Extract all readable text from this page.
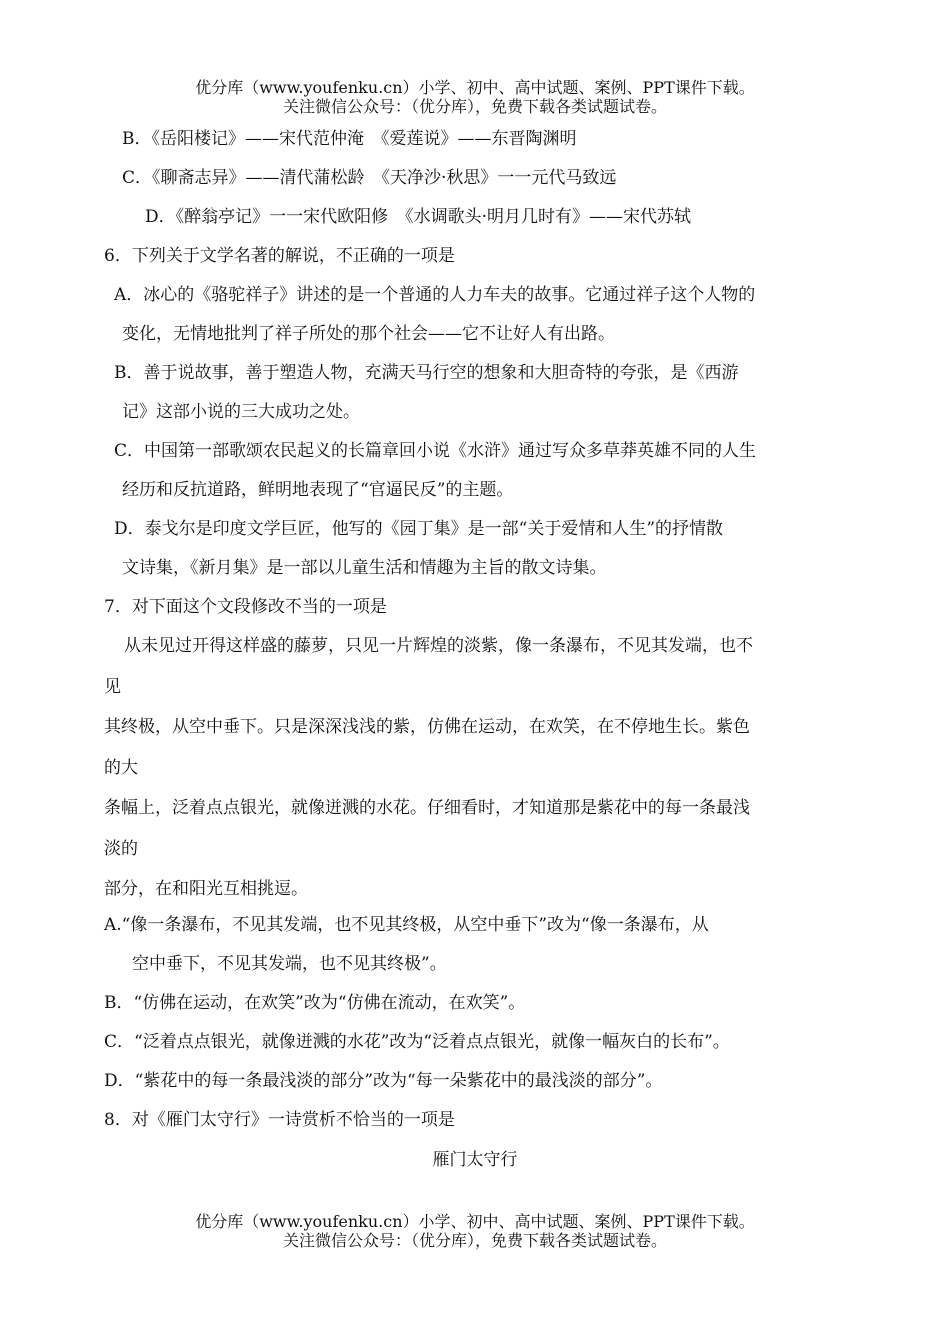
优分库（www.youfenku.cn）小学、初中、高中试题、案例、PPT课件下载。
关注微信公众号：（优分库），免费下载各类试题试卷。
B．《岳阳楼记》——宋代范仲淹　《爱莲说》——东晋陶渊明
C．《聊斋志异》——清代蒲松龄　《天净沙·秋思》一一元代马致远
D．《醉翁亭记》一一宋代欧阳修　《水调歌头·明月几时有》——宋代苏轼
6．下列关于文学名著的解说，不正确的一项是
A．冰心的《骆驼祥子》讲述的是一个普通的人力车夫的故事。它通过祥子这个人物的
变化，无情地批判了祥子所处的那个社会——它不让好人有出路。
B．善于说故事，善于塑造人物，充满天马行空的想象和大胆奇特的夸张，是《西游
记》这部小说的三大成功之处。
C．中国第一部歌颂农民起义的长篇章回小说《水浒》通过写众多草莽英雄不同的人生
经历和反抗道路，鲜明地表现了“官逼民反”的主题。
D．泰戈尔是印度文学巨匠，他写的《园丁集》是一部“关于爱情和人生”的抒情散
文诗集，《新月集》是一部以儿童生活和情趣为主旨的散文诗集。
7．对下面这个文段修改不当的一项是
从未见过开得这样盛的藤萝，只见一片辉煌的淡紫，像一条瀑布，不见其发端，也不
见
其终极，从空中垂下。只是深深浅浅的紫，仿佛在运动，在欢笑，在不停地生长。紫色
的大
条幅上，泛着点点银光，就像迸溅的水花。仔细看时，才知道那是紫花中的每一条最浅
淡的
部分，在和阳光互相挑逗。
A.“像一条瀑布，不见其发端，也不见其终极，从空中垂下”改为“像一条瀑布，从
空中垂下，不见其发端，也不见其终极”。
B．“仿佛在运动，在欢笑”改为“仿佛在流动，在欢笑”。
C．“泛着点点银光，就像迸溅的水花”改为“泛着点点银光，就像一幅灰白的长布”。
D．“紫花中的每一条最浅淡的部分”改为“每一朵紫花中的最浅淡的部分”。
8．对《雁门太守行》一诗赏析不恰当的一项是
雁门太守行
优分库（www.youfenku.cn）小学、初中、高中试题、案例、PPT课件下载。
关注微信公众号：（优分库），免费下载各类试题试卷。
